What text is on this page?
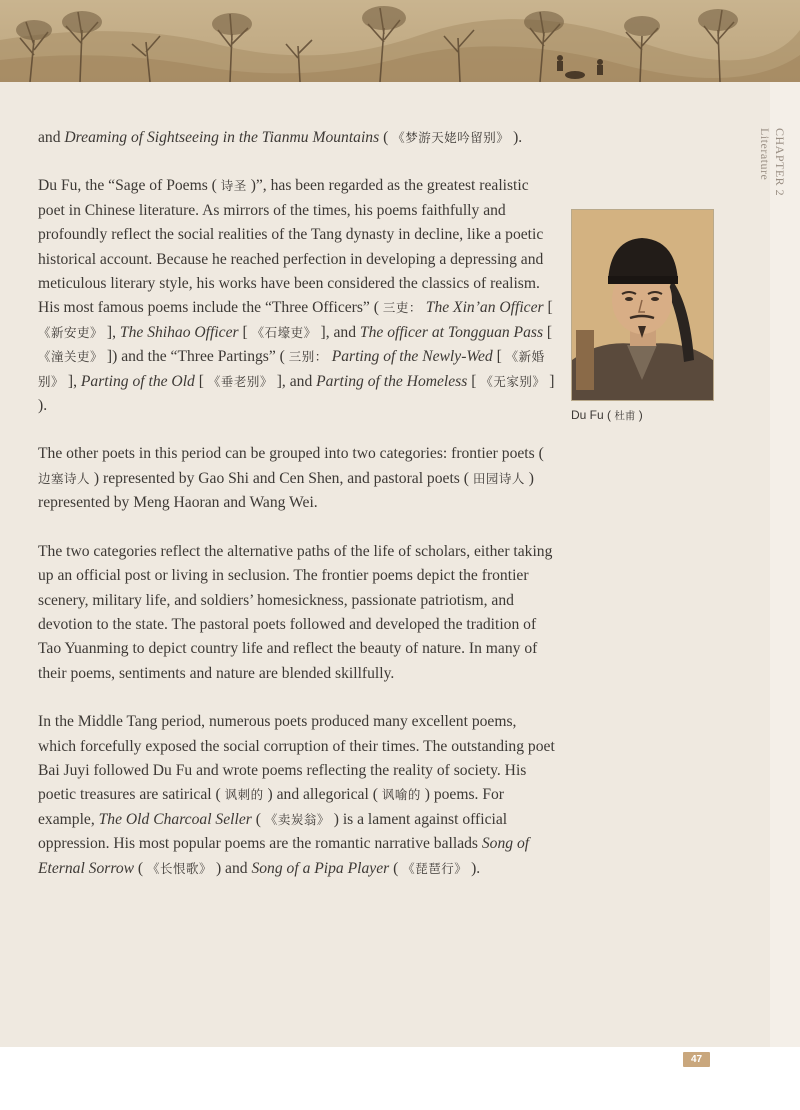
CHAPTER 2
Literature

and Dreaming of Sightseeing in the Tianmu Mountains ( 《梦游天姥吟留别》 ).

Du Fu, the “Sage of Poems ( 诗圣 )”, has been regarded as the greatest realistic poet in Chinese literature. As mirrors of the times, his poems faithfully and profoundly reflect the social realities of the Tang dynasty in decline, like a poetic historical account. Because he reached perfection in developing a depressing and meticulous literary style, his works have been considered the classics of realism. His most famous poems include the “Three Officers” ( 三吏： The Xin’an Officer [ 《新安吏》 ], The Shihao Officer [ 《石壕吏》 ], and The officer at Tongguan Pass [ 《潼关吏》 ]) and the “Three Partings” ( 三别： Parting of the Newly-Wed [ 《新婚别》 ], Parting of the Old [ 《垂老别》 ], and Parting of the Homeless [ 《无家别》 ] ).

The other poets in this period can be grouped into two categories: frontier poets ( 边塞诗人 ) represented by Gao Shi and Cen Shen, and pastoral poets ( 田园诗人 ) represented by Meng Haoran and Wang Wei.

The two categories reflect the alternative paths of the life of scholars, either taking up an official post or living in seclusion. The frontier poems depict the frontier scenery, military life, and soldiers’ homesickness, passionate patriotism, and devotion to the state. The pastoral poets followed and developed the tradition of Tao Yuanming to depict country life and reflect the beauty of nature. In many of their poems, sentiments and nature are blended skillfully.

In the Middle Tang period, numerous poets produced many excellent poems, which forcefully exposed the social corruption of their times. The outstanding poet Bai Juyi followed Du Fu and wrote poems reflecting the reality of society. His poetic treasures are satirical ( 讽刺的 ) and allegorical ( 讽喻的 ) poems. For example, The Old Charcoal Seller ( 《卖炭翁》 ) is a lament against official oppression. His most popular poems are the romantic narrative ballads Song of Eternal Sorrow ( 《长恨歌》 ) and Song of a Pipa Player ( 《琵琶行》 ).

Du Fu ( 杜甫 )
47
